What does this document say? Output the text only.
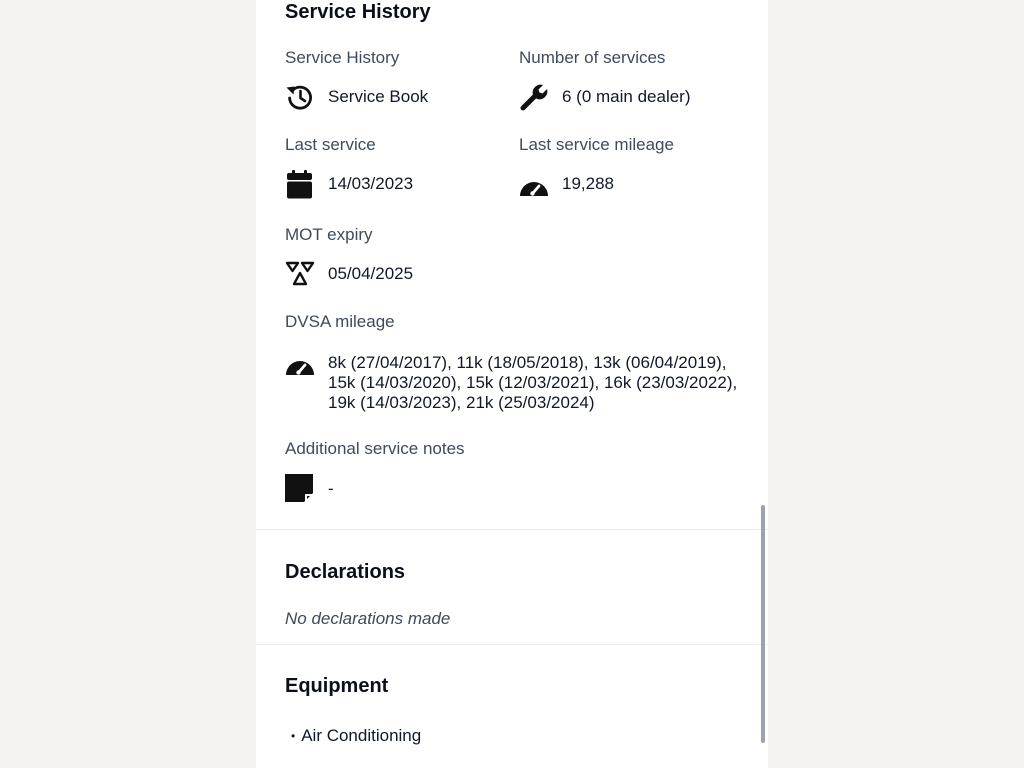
Service History
Service History
Service Book
Number of services
6 (0 main dealer)
Last service
14/03/2023
Last service mileage
19,288
MOT expiry
05/04/2025
DVSA mileage
8k (27/04/2017), 11k (18/05/2018), 13k (06/04/2019), 15k (14/03/2020), 15k (12/03/2021), 16k (23/03/2022), 19k (14/03/2023), 21k (25/03/2024)
Additional service notes
-
Declarations
No declarations made
Equipment
• Air Conditioning
